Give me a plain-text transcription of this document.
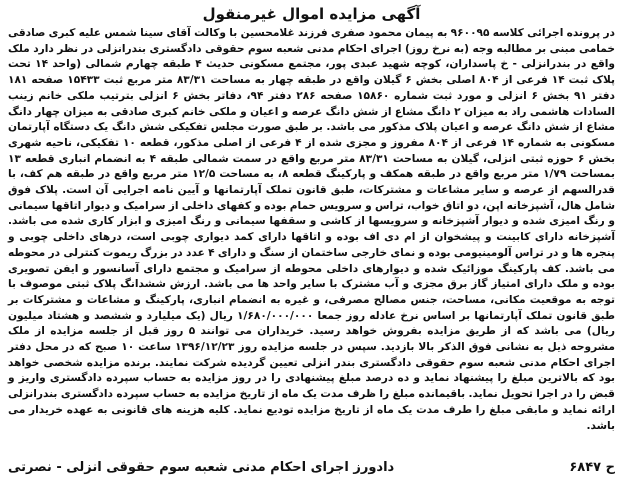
آگهی مزایده اموال غیرمنقول

در پرونده اجرائی کلاسه ۹۶۰۰۹۵ به پیمان محمود صفری فرزند غلامحسین با وکالت آقای سینا شمس علیه کبری صادقی خمامی مبنی بر مطالبه وجه (به نرخ روز) اجرای احکام مدنی شعبه سوم حقوقی دادگستری بندرانزلی در نظر دارد ملک واقع در بندرانزلی - خ پاسداران، کوچه شهید عبدی پور، مجتمع مسکونی حدیث ۴ طبقه چهارم شمالی (واحد ۱۴ تحت پلاک ثبت ۱۴ فرعی از ۸۰۴ اصلی بخش ۶ گیلان واقع در طبقه چهار به مساحت ۸۳/۳۱ متر مربع ثبت ۱۵۴۳۳ صفحه ۱۸۱ دفتر ۹۱ بخش ۶ انزلی و مورد ثبت شماره ۱۵۸۶۰ صفحه ۲۸۶ دفتر ۹۴، دفاتر بخش ۶ انزلی بترتیب ملکی خانم زینب السادات هاشمی راد به میزان ۲ دانگ مشاع از شش دانگ عرصه و اعیان و ملکی خانم کبری صادقی به میزان چهار دانگ مشاع از شش دانگ عرصه و اعیان پلاک مذکور می باشد. بر طبق صورت مجلس تفکیکی شش دانگ یک دستگاه آپارتمان مسکونی به شماره ۱۴ فرعی از ۸۰۴ مفروز و مجزی شده از ۴ فرعی از اصلی مذکور، قطعه ۱۰ تفکیکی، ناحیه شهری بخش ۶ حوزه ثبتی انزلی، گیلان به مساحت ۸۳/۳۱ متر مربع واقع در سمت شمالی طبقه ۴ به انضمام انباری قطعه ۱۳ بمساحت ۱/۷۹ متر مربع واقع در طبقه همکف و پارکینگ قطعه ۸، به مساحت ۱۲/۵ متر مربع واقع در طبقه هم کف، با قدرالسهم از عرصه و سایر مشاعات و مشترکات، طبق قانون تملک آپارتمانها و آیین نامه اجرایی آن است. پلاک فوق شامل هال، آشپزخانه اپن، دو اتاق خواب، تراس و سرویس حمام بوده و کفهای داخلی از سرامیک و دیوار اتاقها سیمانی و رنگ امیزی شده و دیوار آشپزخانه و سرویسها از کاشی و سقفها سیمانی و رنگ امیزی و ابزار کاری شده می باشد. آشپزخانه دارای کابینت و پیشخوان از ام دی اف بوده و اتاقها دارای کمد دیواری چوبی است، درهای داخلی چوبی و پنجره ها و در تراس آلومینیومی بوده و نمای خارجی ساختمان از سنگ و دارای ۴ عدد در بزرگ ریموت کنترلی در محوطه می باشد. کف پارکینگ موزائیک شده و دیوارهای داخلی محوطه از سرامیک و مجتمع دارای آسانسور و ایفن تصویری بوده و ملک دارای امتیاز گاز برق مجزی و آب مشترک با سایر واحد ها می باشد. ارزش ششدانگ پلاک ثبتی موصوف با توجه به موقعیت مکانی، مساحت، جنس مصالح مصرفی، و غیره به انضمام انباری، پارکینگ و مشاعات و مشترکات بر طبق قانون تملک آپارتمانها بر اساس نرخ عادله روز جمعا ۱/۶۸۰/۰۰۰/۰۰۰ ریال (یک میلیارد و ششصد و هشتاد میلیون ریال) می باشد که از طریق مزایده بفروش خواهد رسید. خریداران می توانند ۵ روز قبل از جلسه مزایده از ملک مشروحه ذیل به نشانی فوق الذکر بالا بازدید. سپس در جلسه مزایده روز ۱۳۹۶/۱۲/۲۳ ساعت ۱۰ صبح که در محل دفتر اجرای احکام مدنی شعبه سوم حقوقی دادگستری بندر انزلی تعیین گردیده شرکت نمایند. برنده مزایده شخصی خواهد بود که بالاترین مبلغ را پیشنهاد نماید و ده درصد مبلغ پیشنهادی را در روز مزایده به حساب سپرده دادگستری واریز و قبض را در اجرا تحویل نماید. باقیمانده مبلغ را ظرف مدت یک ماه از تاریخ مزایده به حساب سپرده دادگستری بندرانزلی ارائه نماید و مابقی مبلغ را طرف مدت یک ماه از تاریخ مزایده تودیع نماید. کلیه هزینه های قانونی به عهده خریدار می باشد.

ح ۶۸۴۷
دادورز اجرای احکام مدنی شعبه سوم حقوقی انزلی - نصرتی
